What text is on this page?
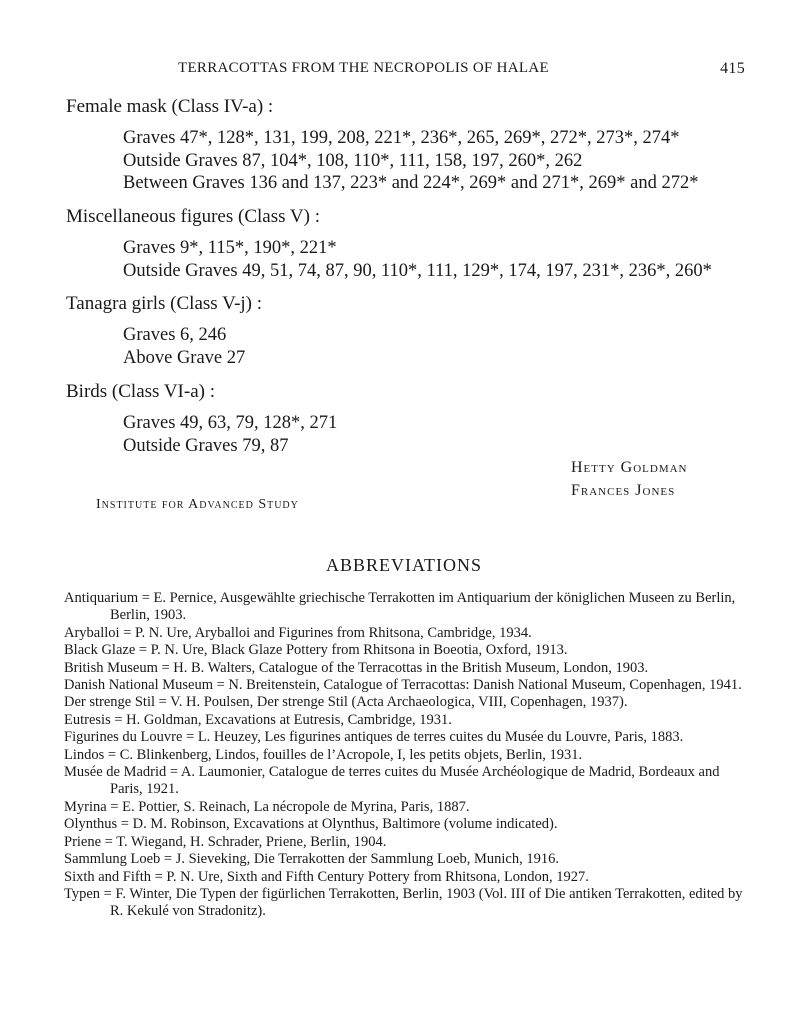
TERRACOTTAS FROM THE NECROPOLIS OF HALAE	415
Female mask (Class IV-a) :
Graves 47*, 128*, 131, 199, 208, 221*, 236*, 265, 269*, 272*, 273*, 274*
Outside Graves 87, 104*, 108, 110*, 111, 158, 197, 260*, 262
Between Graves 136 and 137, 223* and 224*, 269* and 271*, 269* and 272*
Miscellaneous figures (Class V) :
Graves 9*, 115*, 190*, 221*
Outside Graves 49, 51, 74, 87, 90, 110*, 111, 129*, 174, 197, 231*, 236*, 260*
Tanagra girls (Class V-j) :
Graves 6, 246
Above Grave 27
Birds (Class VI-a) :
Graves 49, 63, 79, 128*, 271
Outside Graves 79, 87
Hetty Goldman
Frances Jones
Institute for Advanced Study
ABBREVIATIONS
Antiquarium = E. Pernice, Ausgewählte griechische Terrakotten im Antiquarium der königlichen Museen zu Berlin, Berlin, 1903.
Aryballoi = P. N. Ure, Aryballoi and Figurines from Rhitsona, Cambridge, 1934.
Black Glaze = P. N. Ure, Black Glaze Pottery from Rhitsona in Boeotia, Oxford, 1913.
British Museum = H. B. Walters, Catalogue of the Terracottas in the British Museum, London, 1903.
Danish National Museum = N. Breitenstein, Catalogue of Terracottas: Danish National Museum, Copenhagen, 1941.
Der strenge Stil = V. H. Poulsen, Der strenge Stil (Acta Archaeologica, VIII, Copenhagen, 1937).
Eutresis = H. Goldman, Excavations at Eutresis, Cambridge, 1931.
Figurines du Louvre = L. Heuzey, Les figurines antiques de terres cuites du Musée du Louvre, Paris, 1883.
Lindos = C. Blinkenberg, Lindos, fouilles de l’Acropole, I, les petits objets, Berlin, 1931.
Musée de Madrid = A. Laumonier, Catalogue de terres cuites du Musée Archéologique de Madrid, Bordeaux and Paris, 1921.
Myrina = E. Pottier, S. Reinach, La nécropole de Myrina, Paris, 1887.
Olynthus = D. M. Robinson, Excavations at Olynthus, Baltimore (volume indicated).
Priene = T. Wiegand, H. Schrader, Priene, Berlin, 1904.
Sammlung Loeb = J. Sieveking, Die Terrakotten der Sammlung Loeb, Munich, 1916.
Sixth and Fifth = P. N. Ure, Sixth and Fifth Century Pottery from Rhitsona, London, 1927.
Typen = F. Winter, Die Typen der figürlichen Terrakotten, Berlin, 1903 (Vol. III of Die antiken Terrakotten, edited by R. Kekulé von Stradonitz).
